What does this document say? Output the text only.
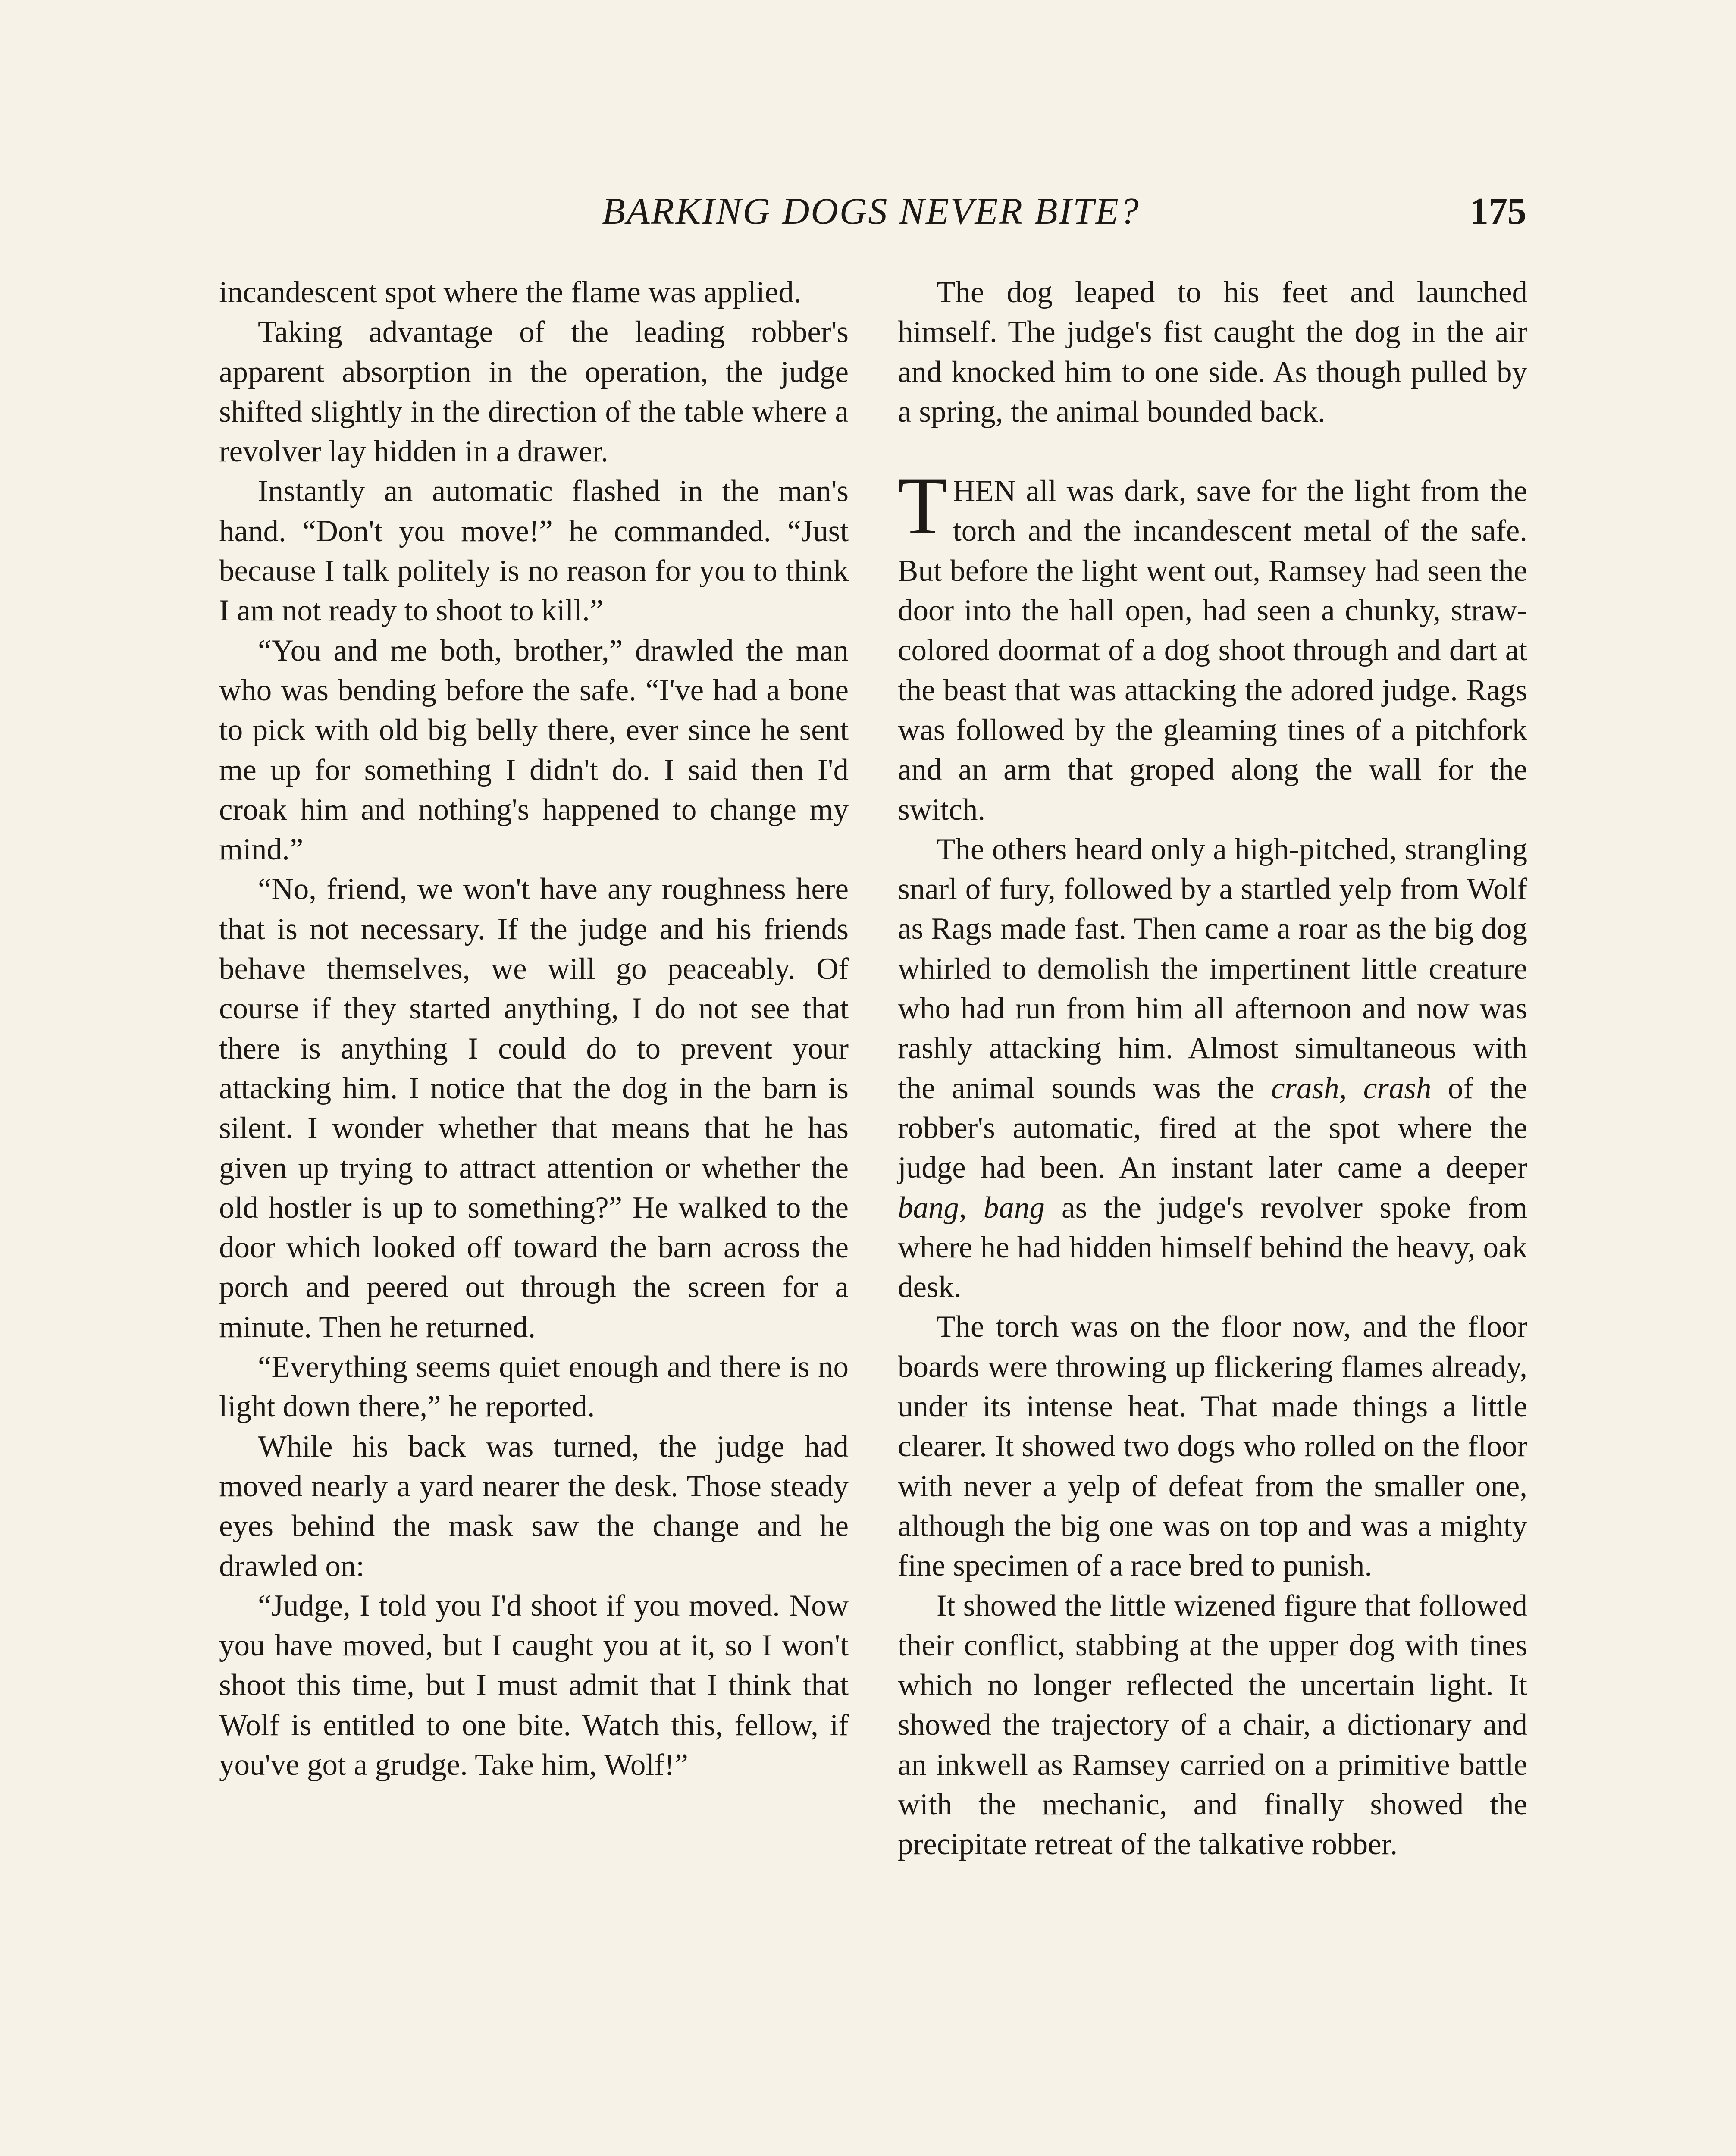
BARKING DOGS NEVER BITE?	175

incandescent spot where the flame was applied.

Taking advantage of the leading robber's apparent absorption in the operation, the judge shifted slightly in the direction of the table where a revolver lay hidden in a drawer.

Instantly an automatic flashed in the man's hand. “Don't you move!” he commanded. “Just because I talk politely is no reason for you to think I am not ready to shoot to kill.”

“You and me both, brother,” drawled the man who was bending before the safe. “I've had a bone to pick with old big belly there, ever since he sent me up for something I didn't do. I said then I'd croak him and nothing's happened to change my mind.”

“No, friend, we won't have any roughness here that is not necessary. If the judge and his friends behave themselves, we will go peaceably. Of course if they started anything, I do not see that there is anything I could do to prevent your attacking him. I notice that the dog in the barn is silent. I wonder whether that means that he has given up trying to attract attention or whether the old hostler is up to something?” He walked to the door which looked off toward the barn across the porch and peered out through the screen for a minute. Then he returned.

“Everything seems quiet enough and there is no light down there,” he reported.

While his back was turned, the judge had moved nearly a yard nearer the desk. Those steady eyes behind the mask saw the change and he drawled on:

“Judge, I told you I'd shoot if you moved. Now you have moved, but I caught you at it, so I won't shoot this time, but I must admit that I think that Wolf is entitled to one bite. Watch this, fellow, if you've got a grudge. Take him, Wolf!”

The dog leaped to his feet and launched himself. The judge's fist caught the dog in the air and knocked him to one side. As though pulled by a spring, the animal bounded back.

THEN all was dark, save for the light from the torch and the incandescent metal of the safe. But before the light went out, Ramsey had seen the door into the hall open, had seen a chunky, straw-colored doormat of a dog shoot through and dart at the beast that was attacking the adored judge. Rags was followed by the gleaming tines of a pitchfork and an arm that groped along the wall for the switch.

The others heard only a high-pitched, strangling snarl of fury, followed by a startled yelp from Wolf as Rags made fast. Then came a roar as the big dog whirled to demolish the impertinent little creature who had run from him all afternoon and now was rashly attacking him. Almost simultaneous with the animal sounds was the crash, crash of the robber's automatic, fired at the spot where the judge had been. An instant later came a deeper bang, bang as the judge's revolver spoke from where he had hidden himself behind the heavy, oak desk.

The torch was on the floor now, and the floor boards were throwing up flickering flames already, under its intense heat. That made things a little clearer. It showed two dogs who rolled on the floor with never a yelp of defeat from the smaller one, although the big one was on top and was a mighty fine specimen of a race bred to punish.

It showed the little wizened figure that followed their conflict, stabbing at the upper dog with tines which no longer reflected the uncertain light. It showed the trajectory of a chair, a dictionary and an inkwell as Ramsey carried on a primitive battle with the mechanic, and finally showed the precipitate retreat of the talkative robber.
